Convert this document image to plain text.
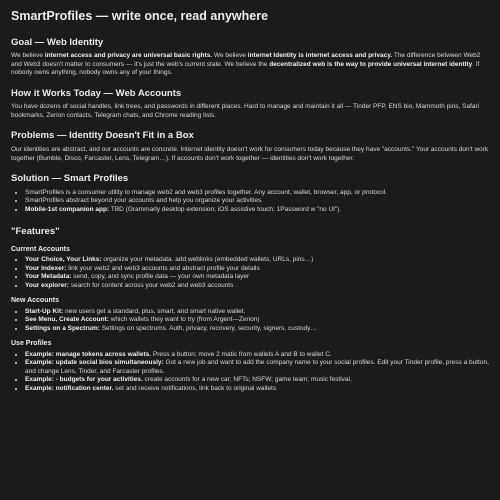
SmartProfiles — write once, read anywhere
Goal — Web Identity

We believe internet access and privacy are universal basic rights. We believe internet Identity is internet access and privacy. The difference between Web2 and Web3 doesn't matter to consumers — it's just the web's current state. We believe the decentralized web is the way to provide universal internet identity. If nobody owns anything, nobody owns any of your things.

How it Works Today — Web Accounts

You have dozens of social handles, link trees, and passwords in different places. Hard to manage and maintain it all — Tinder PFP, ENS bio, Mammoth pins, Safari bookmarks, Zerion contacts, Telegram chats, and Chrome reading lists.

Problems — Identity Doesn't Fit in a Box

Our identities are abstract, and our accounts are concrete. Internet identity doesn't work for consumers today because they have "accounts." Your accounts don't work together (Bumble, Disco, Farcaster, Lens, Telegram…). If accounts don't work together — identities don't work together.

Solution — Smart Profiles
• SmartProfiles is a consumer utility to manage web2 and web3 profiles together. Any account, wallet, browser, app, or protocol.
• SmartProfiles abstract beyond your accounts and help you organize your activities.
• Mobile-1st companion app: TBD (Grammarly desktop extension; iOS assistive touch; 1Password w "no UI").
"Features"
Current Accounts
• Your Choice, Your Links: organize your metadata. add weblinks (embedded wallets, URLs, pins…)
• Your Indexer: link your web2 and web3 accounts and abstract profile your details
• Your Metadata: send, copy, and sync profile data — your own metadata layer
• Your explorer: search for content across your web2 and web3 accounts
New Accounts
• Start-Up Kit: new users get a standard, plus, smart, and smart native wallet.
• See Menu, Create Account: which wallets they want to try (from Argent—Zerion)
• Settings on a Spectrum: Settings on spectrums. Auth, privacy, recovery, security, signers, custody…
Use Profiles
• Example: manage tokens across wallets. Press a button; move 2 matic from wallets A and B to wallet C.
• Example: update social bios simultaneously: Got a new job and want to add the company name to your social profiles. Edit your Tinder profile, press a button, and change Lens, Tinder, and Farcaster profiles.
• Example: - budgets for your activities. create accounts for a new car; NFTs; NSFW; game team; music festival.
• Example: notification center. set and receive notifications, link back to original wallets
